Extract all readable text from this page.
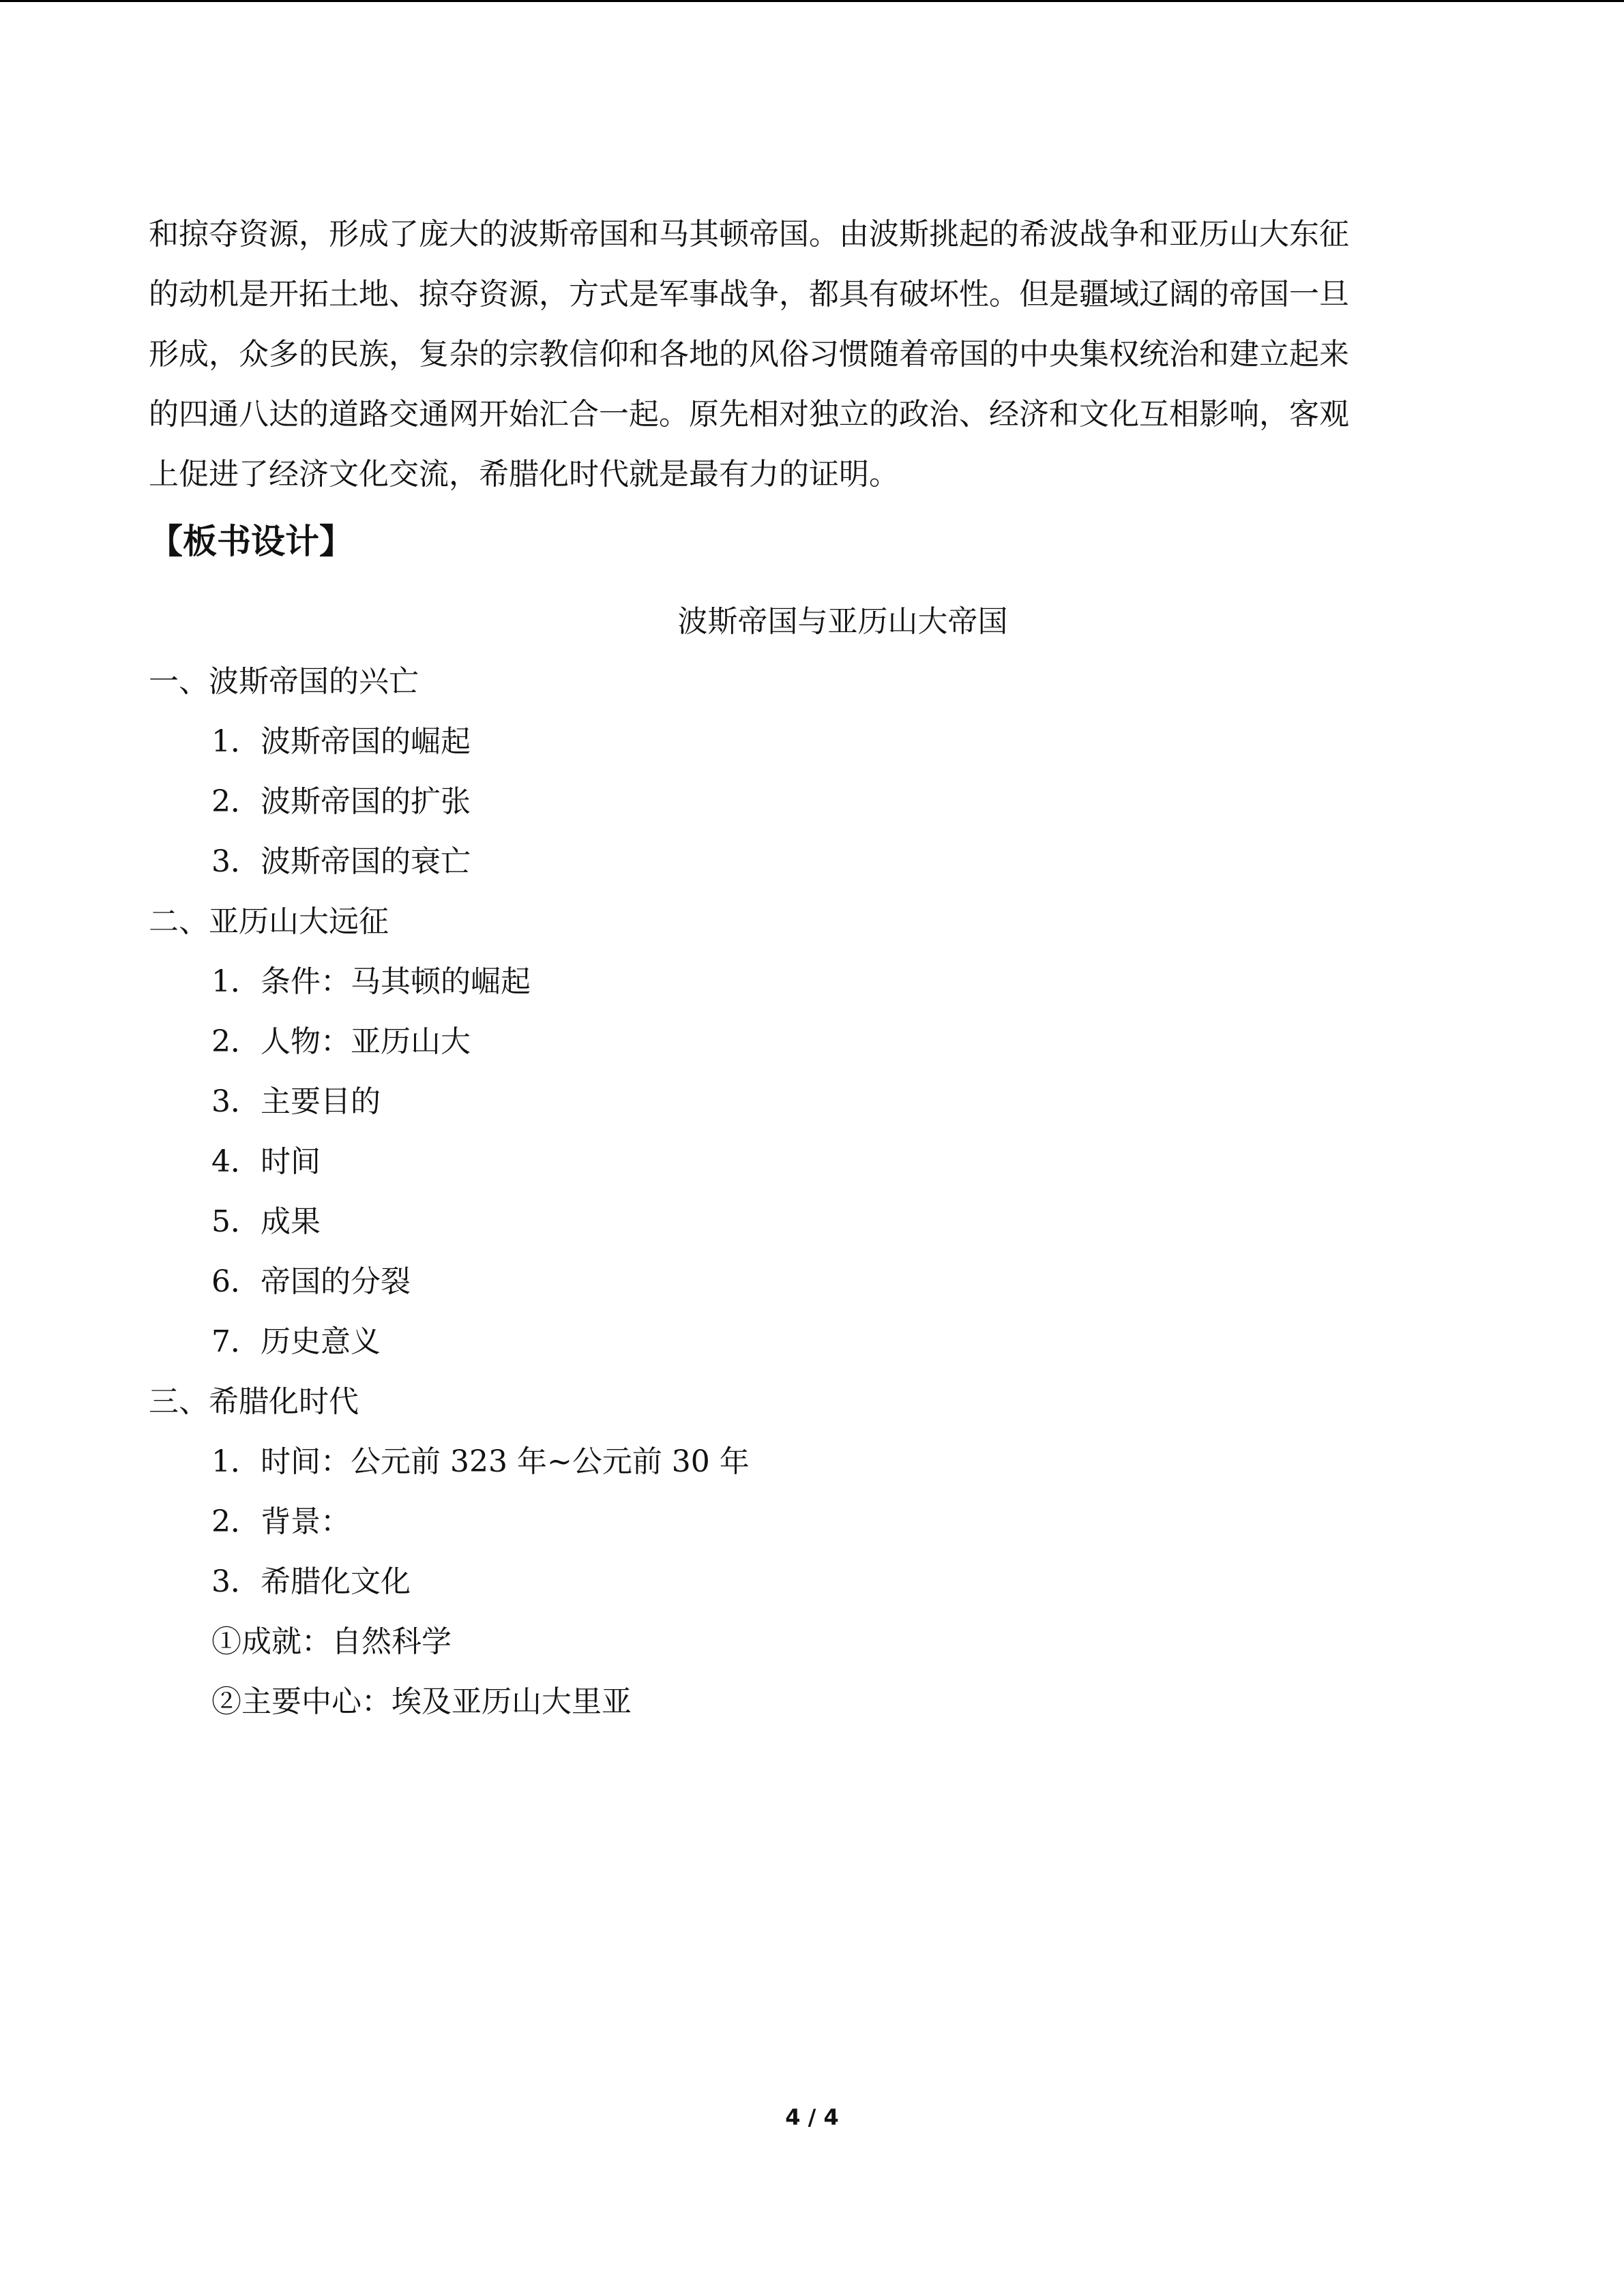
和掠夺资源，形成了庞大的波斯帝国和马其顿帝国。由波斯挑起的希波战争和亚历山大东征

的动机是开拓土地、掠夺资源，方式是军事战争，都具有破坏性。但是疆域辽阔的帝国一旦

形成，众多的民族，复杂的宗教信仰和各地的风俗习惯随着帝国的中央集权统治和建立起来

的四通八达的道路交通网开始汇合一起。原先相对独立的政治、经济和文化互相影响，客观

上促进了经济文化交流，希腊化时代就是最有力的证明。

【板书设计】

波斯帝国与亚历山大帝国

一、波斯帝国的兴亡
1．波斯帝国的崛起
2．波斯帝国的扩张
3．波斯帝国的衰亡
二、亚历山大远征
1．条件：马其顿的崛起
2．人物：亚历山大
3．主要目的
4．时间
5．成果
6．帝国的分裂
7．历史意义
三、希腊化时代
1．时间：公元前 323 年~公元前 30 年
2．背景：
3．希腊化文化
①成就：自然科学
②主要中心：埃及亚历山大里亚

4 / 4
